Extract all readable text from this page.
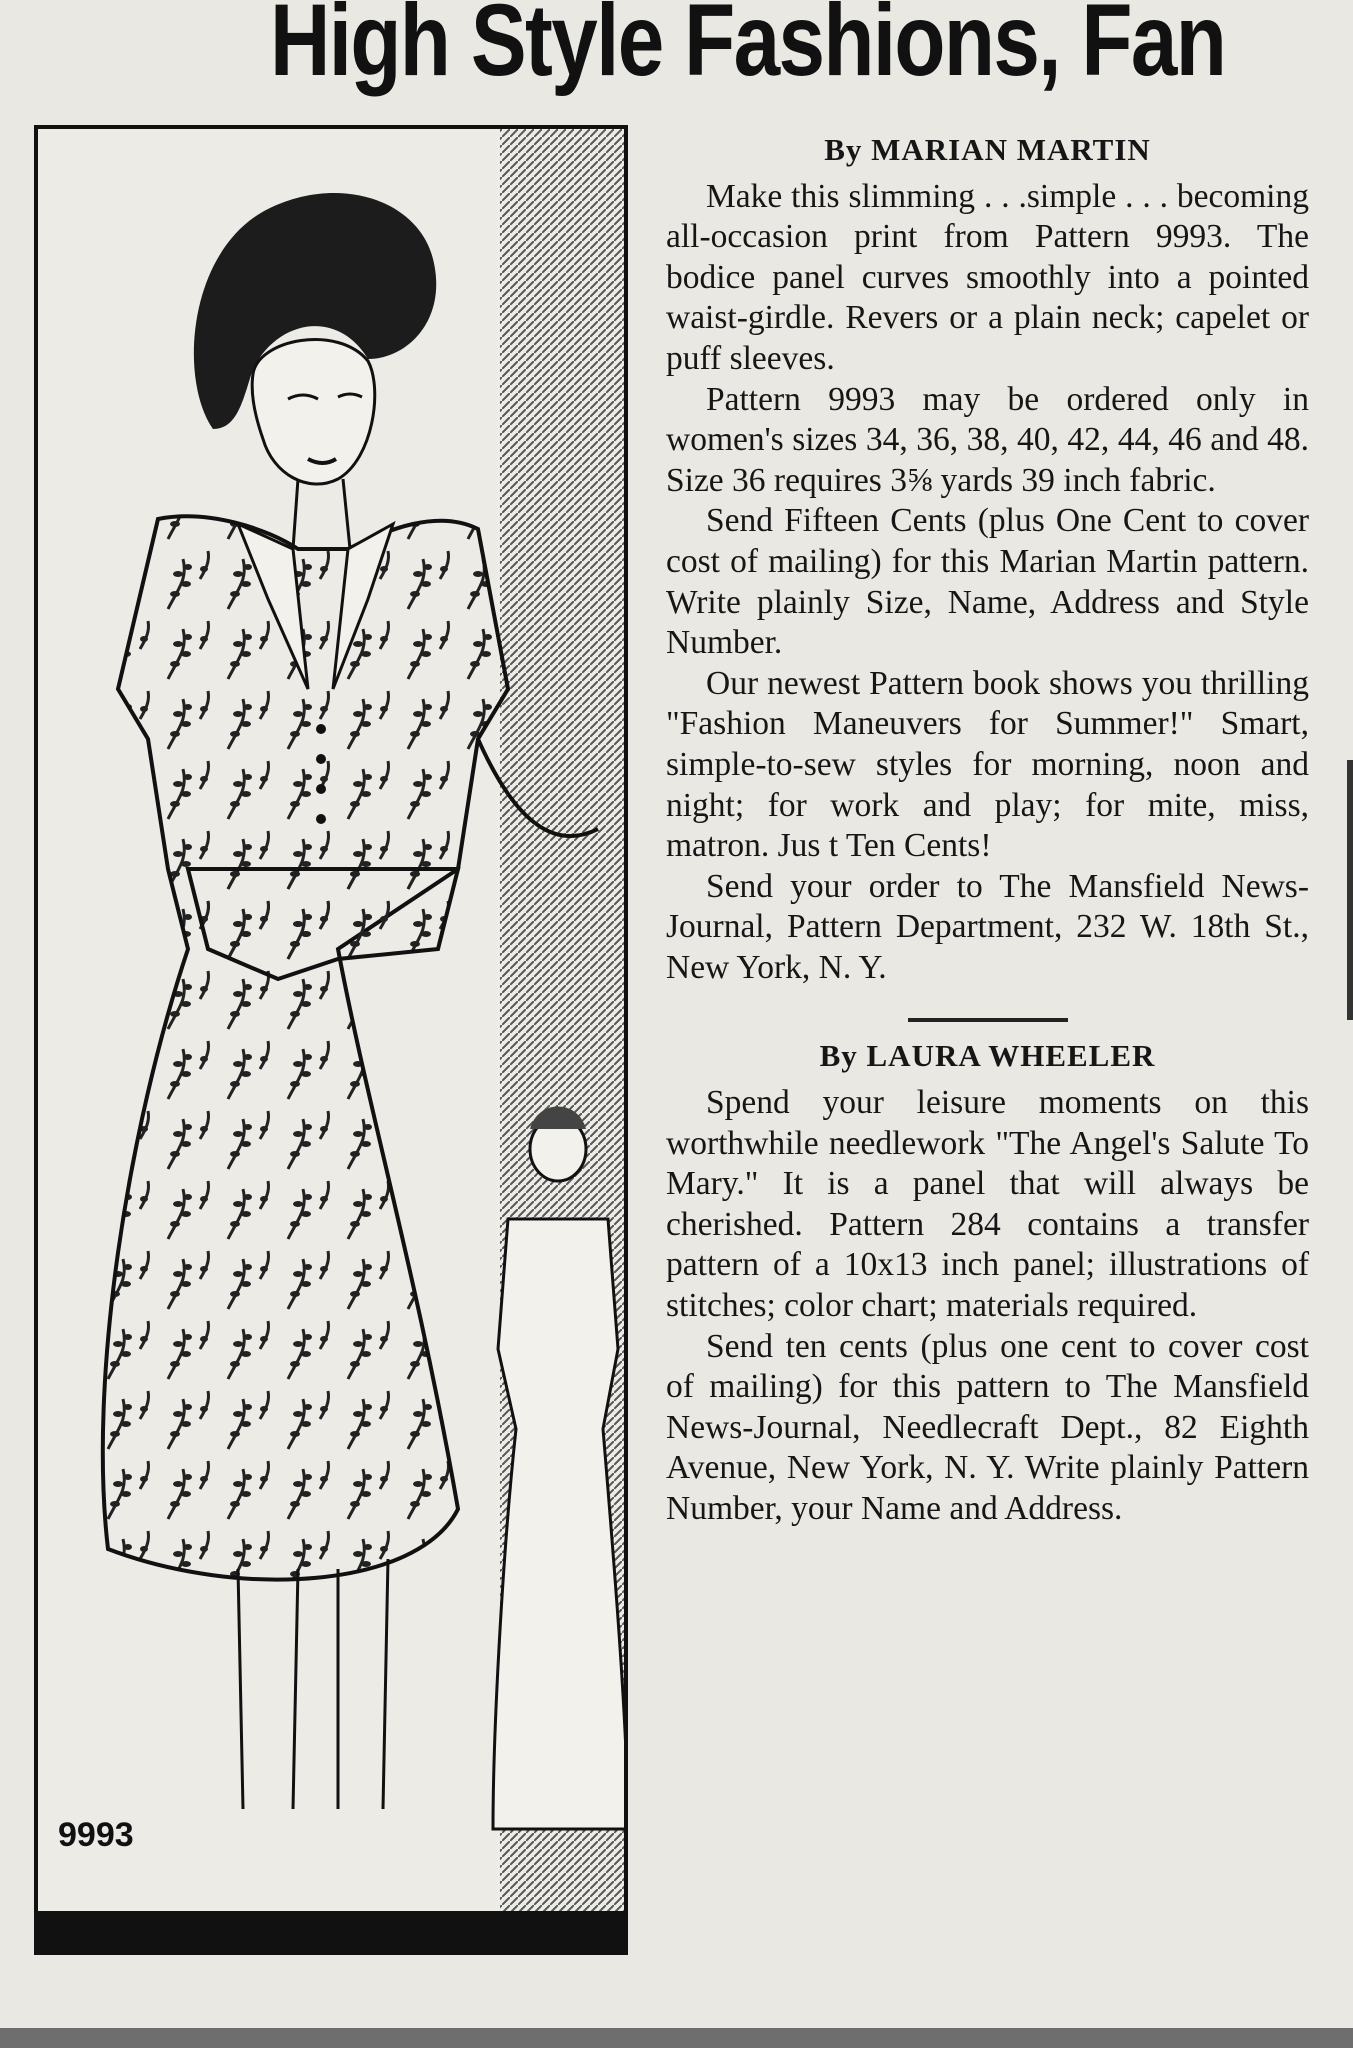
High Style Fashions, Fan
9993
By MARIAN MARTIN

Make this slimming . . .simple . . . becoming all-occasion print from Pattern 9993. The bodice panel curves smoothly into a pointed waist-girdle. Revers or a plain neck; capelet or puff sleeves.

Pattern 9993 may be ordered only in women's sizes 34, 36, 38, 40, 42, 44, 46 and 48. Size 36 requires 3⅝ yards 39 inch fabric.

Send Fifteen Cents (plus One Cent to cover cost of mailing) for this Marian Martin pattern. Write plainly Size, Name, Address and Style Number.

Our newest Pattern book shows you thrilling "Fashion Maneuvers for Summer!" Smart, simple-to-sew styles for morning, noon and night; for work and play; for mite, miss, matron. Jus t Ten Cents!

Send your order to The Mansfield News-Journal, Pattern Department, 232 W. 18th St., New York, N. Y.

By LAURA WHEELER

Spend your leisure moments on this worthwhile needlework "The Angel's Salute To Mary." It is a panel that will always be cherished. Pattern 284 contains a transfer pattern of a 10x13 inch panel; illustrations of stitches; color chart; materials required.

Send ten cents (plus one cent to cover cost of mailing) for this pattern to The Mansfield News-Journal, Needlecraft Dept., 82 Eighth Avenue, New York, N. Y. Write plainly Pattern Number, your Name and Address.
